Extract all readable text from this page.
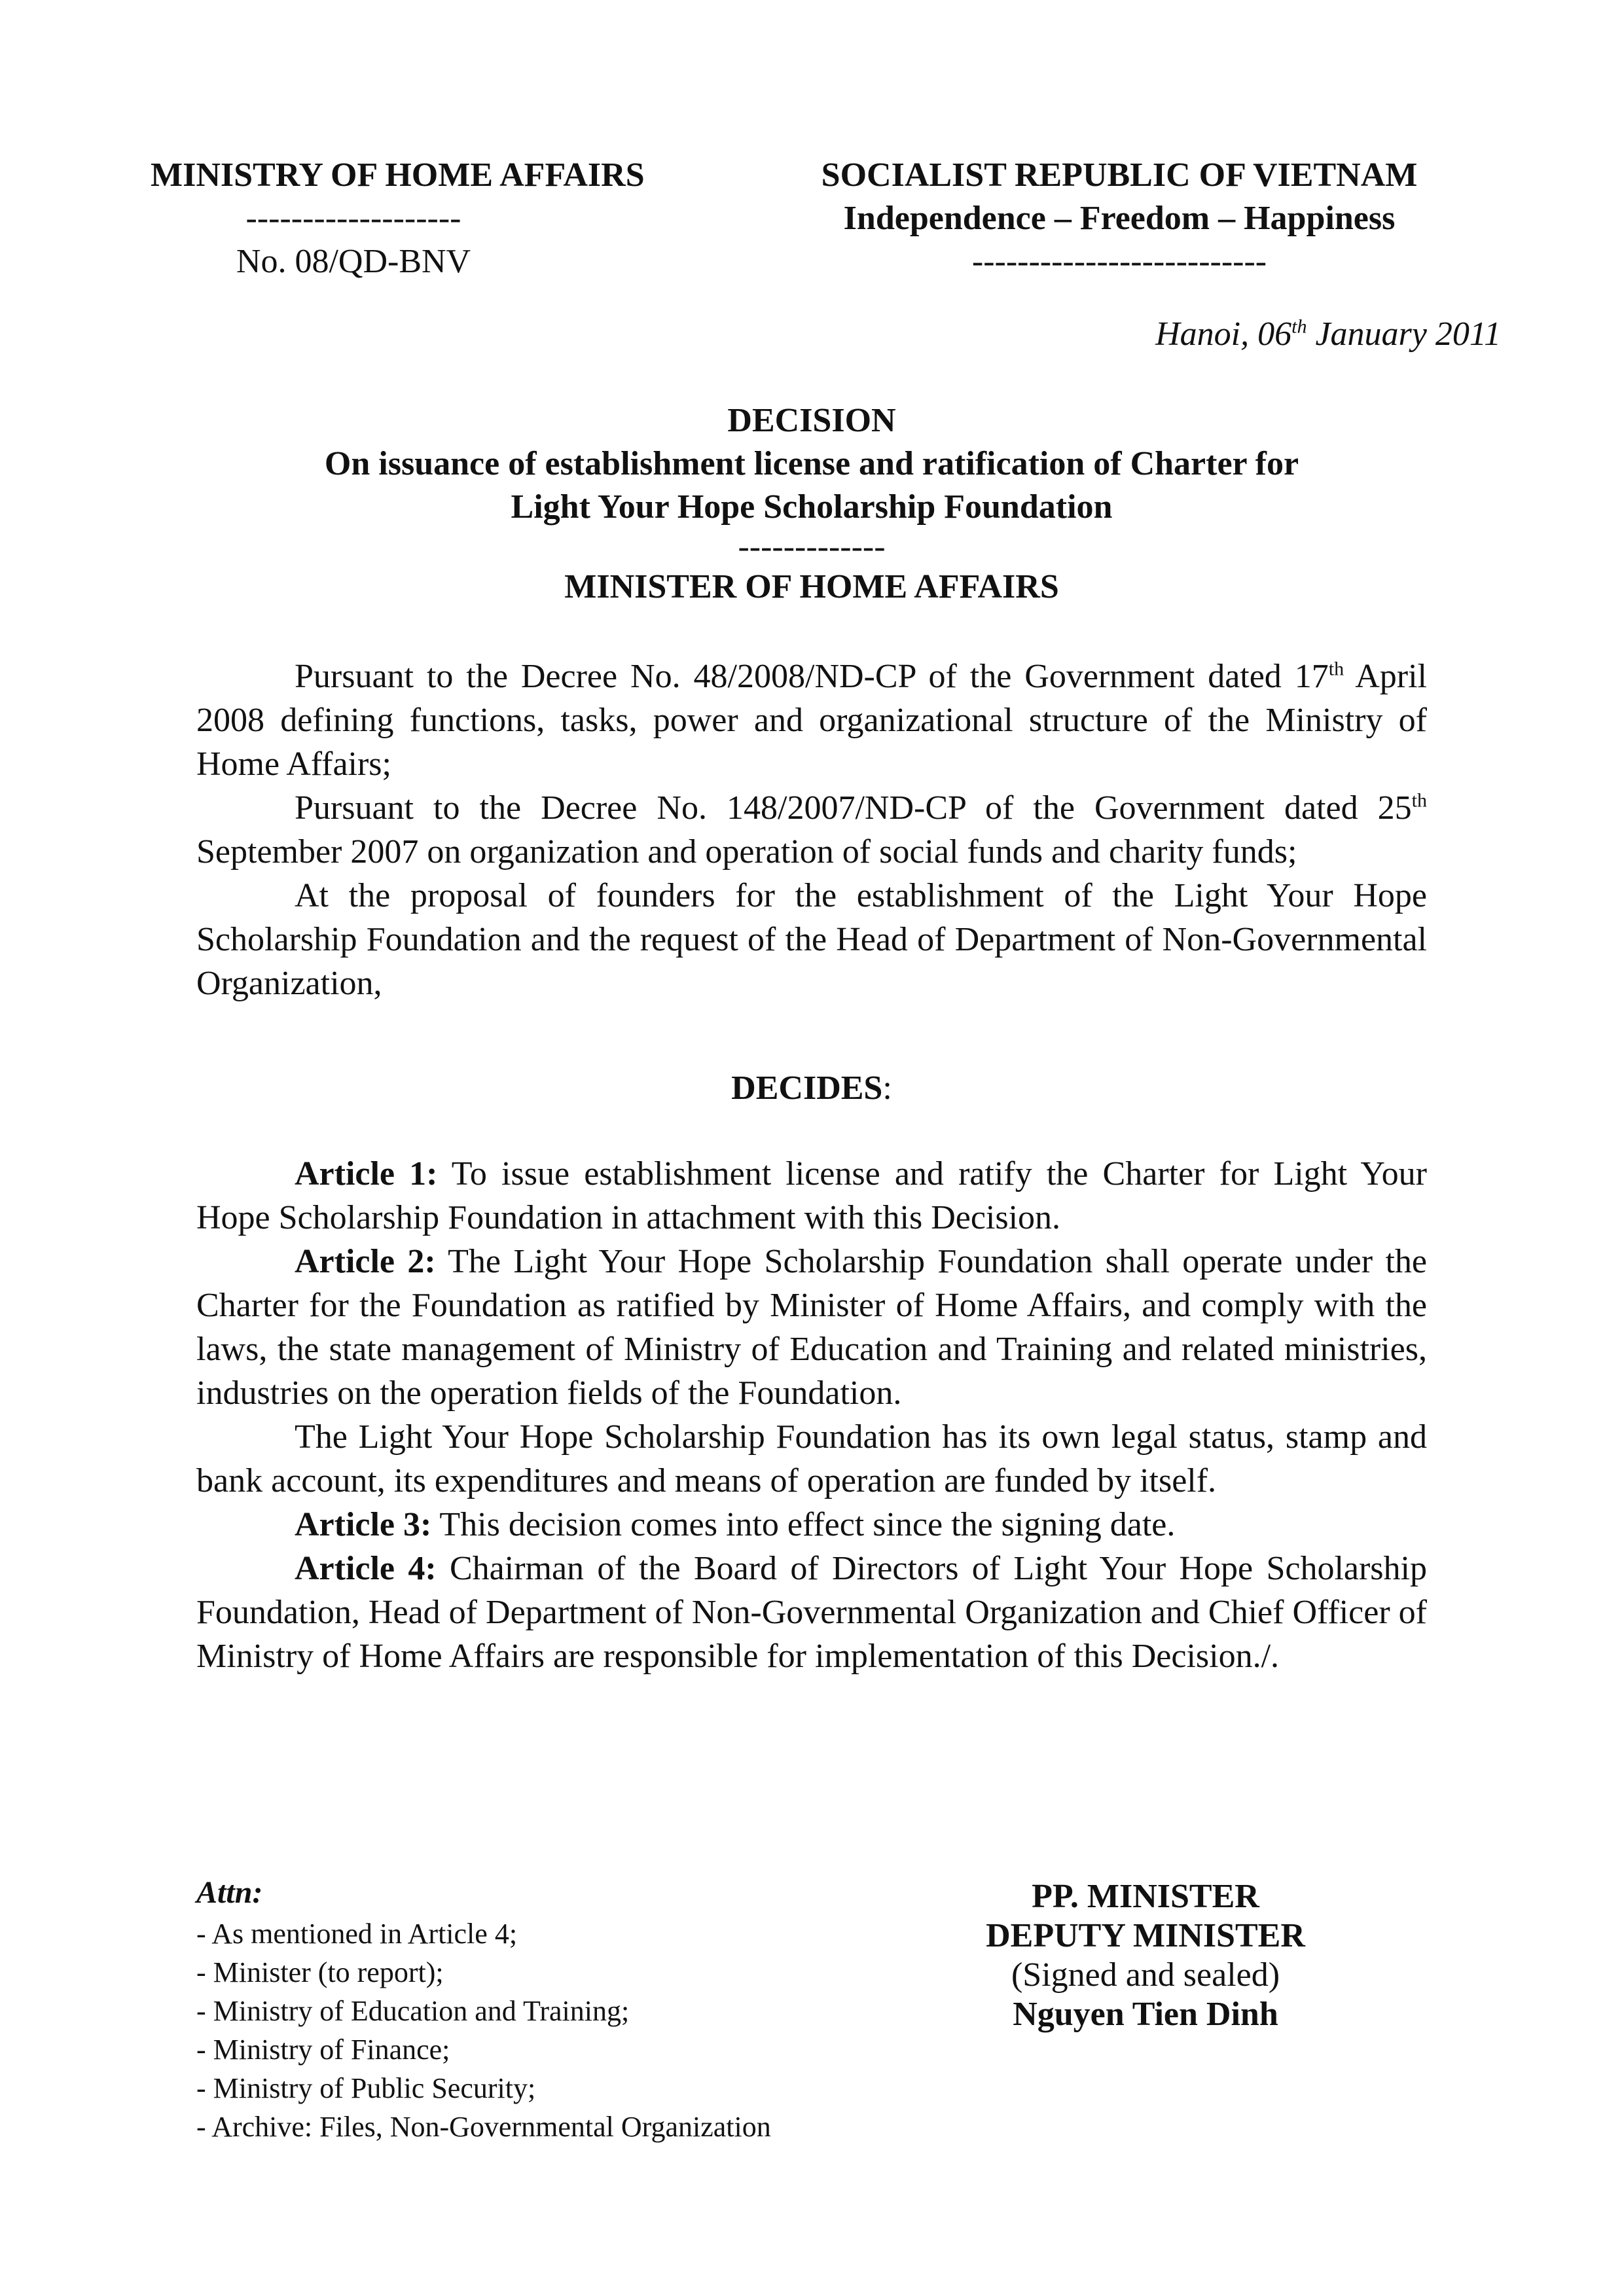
MINISTRY OF HOME AFFAIRS
-------------------
No. 08/QD-BNV
SOCIALIST REPUBLIC OF VIETNAM
Independence – Freedom – Happiness
--------------------------
Hanoi, 06th January 2011
DECISION
On issuance of establishment license and ratification of Charter for
Light Your Hope Scholarship Foundation
-------------
MINISTER OF HOME AFFAIRS

Pursuant to the Decree No. 48/2008/ND-CP of the Government dated 17th April 2008 defining functions, tasks, power and organizational structure of the Ministry of Home Affairs;

Pursuant to the Decree No. 148/2007/ND-CP of the Government dated 25th September 2007 on organization and operation of social funds and charity funds;

At the proposal of founders for the establishment of the Light Your Hope Scholarship Foundation and the request of the Head of Department of Non-Governmental Organization,

DECIDES:

Article 1: To issue establishment license and ratify the Charter for Light Your Hope Scholarship Foundation in attachment with this Decision.

Article 2: The Light Your Hope Scholarship Foundation shall operate under the Charter for the Foundation as ratified by Minister of Home Affairs, and comply with the laws, the state management of Ministry of Education and Training and related ministries, industries on the operation fields of the Foundation.

The Light Your Hope Scholarship Foundation has its own legal status, stamp and bank account, its expenditures and means of operation are funded by itself.

Article 3: This decision comes into effect since the signing date.

Article 4: Chairman of the Board of Directors of Light Your Hope Scholarship Foundation, Head of Department of Non-Governmental Organization and Chief Officer of Ministry of Home Affairs are responsible for implementation of this Decision./.

Attn:
- As mentioned in Article 4;
- Minister (to report);
- Ministry of Education and Training;
- Ministry of Finance;
- Ministry of Public Security;
- Archive: Files, Non-Governmental Organization
PP. MINISTER
DEPUTY MINISTER
(Signed and sealed)
Nguyen Tien Dinh
